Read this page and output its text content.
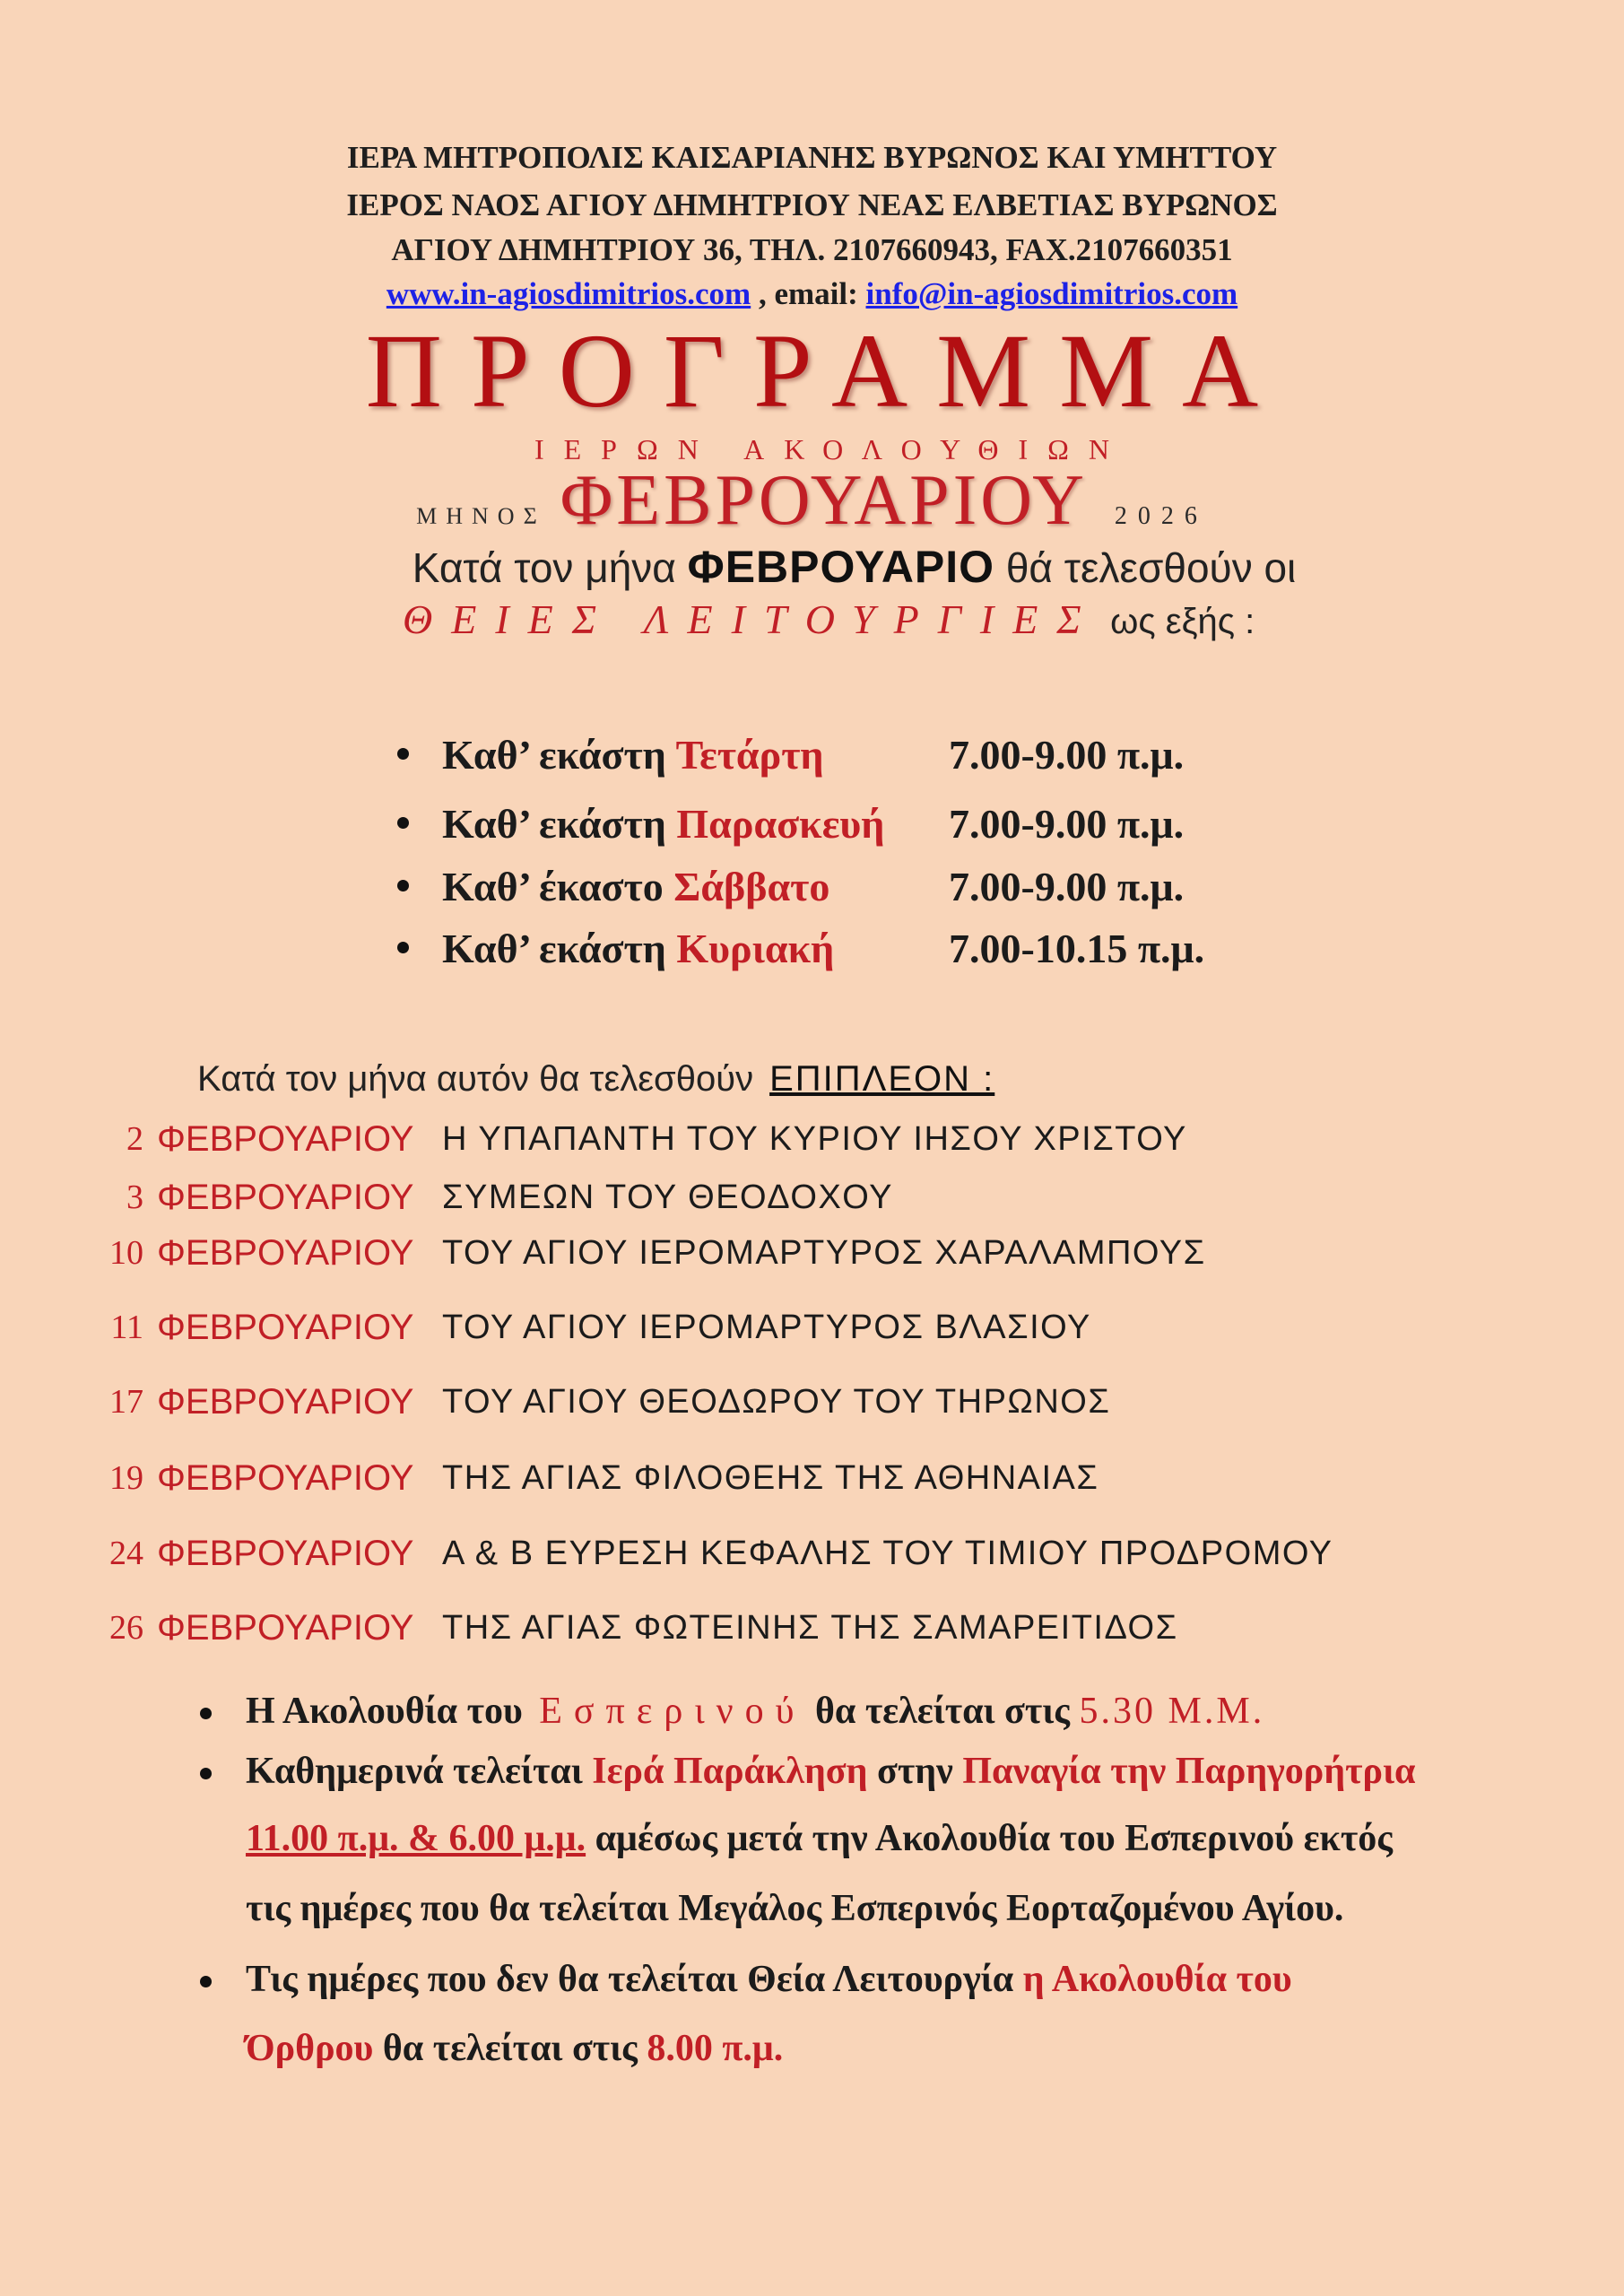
ΙΕΡΑ ΜΗΤΡΟΠΟΛΙΣ ΚΑΙΣΑΡΙΑΝΗΣ ΒΥΡΩΝΟΣ ΚΑΙ ΥΜΗΤΤΟΥ
ΙΕΡΟΣ ΝΑΟΣ ΑΓΙΟΥ ΔΗΜΗΤΡΙΟΥ ΝΕΑΣ ΕΛΒΕΤΙΑΣ ΒΥΡΩΝΟΣ
ΑΓΙΟΥ ΔΗΜΗΤΡΙΟΥ 36, ΤΗΛ. 2107660943, FAX.2107660351
www.in-agiosdimitrios.com , email: info@in-agiosdimitrios.com
ΠΡΟΓΡΑΜΜΑ
ΙΕΡΩΝ ΑΚΟΛΟΥΘΙΩΝ
ΜΗΝΟΣ ΦΕΒΡΟΥΑΡΙΟΥ 2026
Κατά τον μήνα ΦΕΒΡΟΥΑΡΙΟ θά τελεσθούν οι
ΘΕΙΕΣ ΛΕΙΤΟΥΡΓΙΕΣ ως εξής :
Καθ’ εκάστη Τετάρτη	7.00-9.00 π.μ.
Καθ’ εκάστη Παρασκευή 7.00-9.00 π.μ.
Καθ’ έκαστο Σάββατο	7.00-9.00 π.μ.
Καθ’ εκάστη Κυριακή	7.00-10.15 π.μ.
Κατά τον μήνα αυτόν θα τελεσθούν ΕΠΙΠΛΕΟΝ :
2 ΦΕΒΡΟΥΑΡΙΟΥ Η ΥΠΑΠΑΝΤΗ ΤΟΥ ΚΥΡΙΟΥ ΙΗΣΟΥ ΧΡΙΣΤΟΥ
3 ΦΕΒΡΟΥΑΡΙΟΥ ΣΥΜΕΩΝ ΤΟΥ ΘΕΟΔΟΧΟΥ
10 ΦΕΒΡΟΥΑΡΙΟΥ ΤΟΥ ΑΓΙΟΥ ΙΕΡΟΜΑΡΤΥΡΟΣ ΧΑΡΑΛΑΜΠΟΥΣ
11 ΦΕΒΡΟΥΑΡΙΟΥ ΤΟΥ ΑΓΙΟΥ ΙΕΡΟΜΑΡΤΥΡΟΣ ΒΛΑΣΙΟΥ
17 ΦΕΒΡΟΥΑΡΙΟΥ ΤΟΥ ΑΓΙΟΥ ΘΕΟΔΩΡΟΥ ΤΟΥ ΤΗΡΩΝΟΣ
19 ΦΕΒΡΟΥΑΡΙΟΥ ΤΗΣ ΑΓΙΑΣ ΦΙΛΟΘΕΗΣ ΤΗΣ ΑΘΗΝΑΙΑΣ
24 ΦΕΒΡΟΥΑΡΙΟΥ Α & Β ΕΥΡΕΣΗ ΚΕΦΑΛΗΣ ΤΟΥ ΤΙΜΙΟΥ ΠΡΟΔΡΟΜΟΥ
26 ΦΕΒΡΟΥΑΡΙΟΥ ΤΗΣ ΑΓΙΑΣ ΦΩΤΕΙΝΗΣ ΤΗΣ ΣΑΜΑΡΕΙΤΙΔΟΣ
Η Ακολουθία του Εσπερινού θα τελείται στις 5.30 Μ.Μ.
Καθημερινά τελείται Ιερά Παράκληση στην Παναγία την Παρηγορήτρια
11.00 π.μ. & 6.00 μ.μ. αμέσως μετά την Ακολουθία του Εσπερινού εκτός
τις ημέρες που θα τελείται Μεγάλος Εσπερινός Εορταζομένου Αγίου.
Τις ημέρες που δεν θα τελείται Θεία Λειτουργία η Ακολουθία του
Όρθρου θα τελείται στις 8.00 π.μ.
